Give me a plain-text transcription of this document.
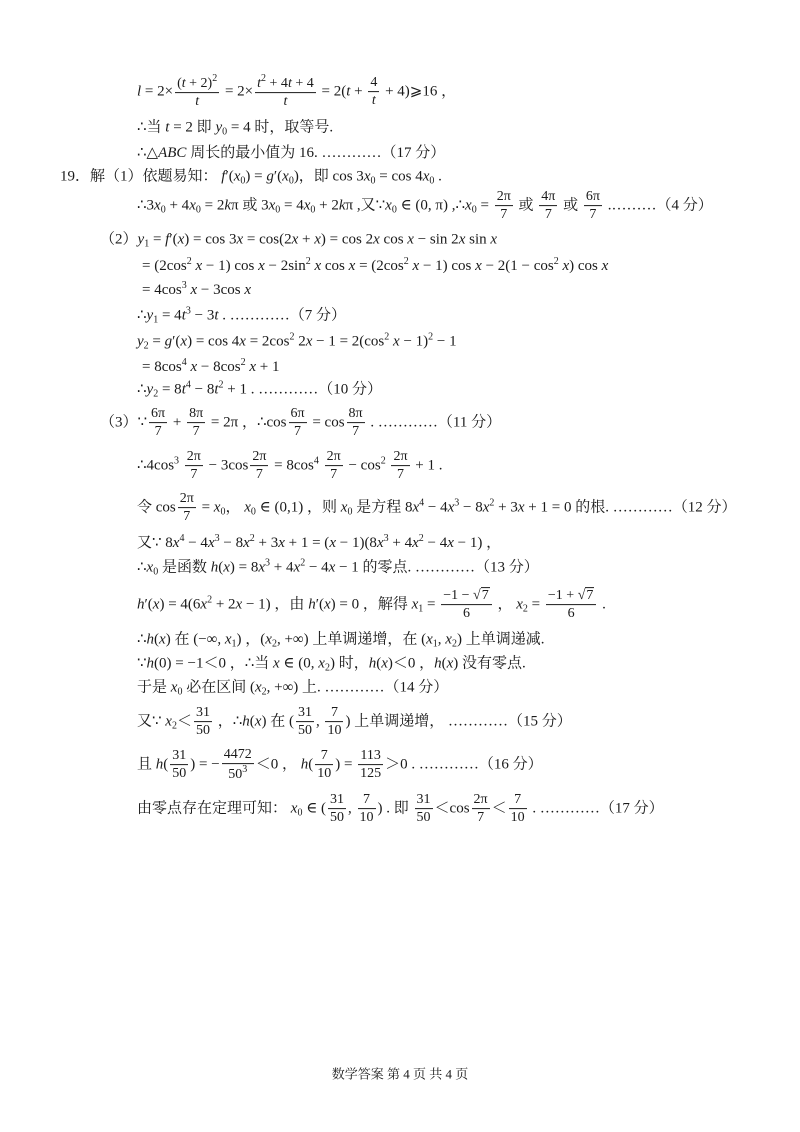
$l = 2\times \frac{(t + 2)^2}{t} = 2\times \frac{t^2 + 4t + 4}{t} = 2(t + \frac{4}{t}$ + 4)⩾16 ，
∴当 t = 2 即 $y_0 = 4$ 时，取等号.
∴△ABC 周长的最小值为 16. …………（17 分）
19．解（1）依题易知： $f'(x_0) = g'(x_0)$，即 $\cos 3x_0 = \cos 4x_0$ .
$\therefore 3x_0 + 4x_0 = 2k\pi$ 或 $3x_0 = 4x_0 + 2k\pi$ ,又$\because x_0$ ∈ (0, π) $,\therefore x_0 = \frac{2\pi}{7}$ 或 $\frac{4\pi}{7}$ 或 $\frac{6\pi}{7}$ .………（4 分）
$(2)y_1 = f'(x) = \cos 3x = \cos(2x + x) = \cos 2x$ cos x − sin 2x sin x
= ($2\cos^2$ x − 1) $\cos x - 2\sin^2$ x $\cos x = (2\cos^2$ x − 1) $\cos x - 2(1 - \cos^2 x)$ cos x
= $4\cos^3$ x − 3cos x
$\therefore y_1 = 4t^3 - 3t$ . …………（7 分）
$y_2 = g'(x) = \cos 4x = 2\cos^2$ $2x - 1 = 2(\cos^2$ x − 1)$^2$ − 1
= $8\cos^4$ $x - 8\cos^2$ x + 1
$\therefore y_2 = 8t^4 - 8t^2 + 1$ . …………（10 分）
（3）∵ $\frac{6\pi}{7} + \frac{8\pi}{7} = 2\pi$ ，∴cos $\frac{6\pi}{7} = \cos \frac{8\pi}{7}$ . …………（11 分）
$\therefore 4\cos^3 \frac{2\pi}{7} - 3\cos \frac{2\pi}{7} = 8\cos^4 \frac{2\pi}{7} - \cos^2 \frac{2\pi}{7} + 1$ .
令 $\cos \frac{2\pi}{7} = x_0$， $x_0$ ∈ (0,1) ，则 $x_0$ 是方程 $8x^4 - 4x^3 - 8x^2 + 3x + 1 = 0$ 的根. …………（12 分）
又∵ $8x^4 - 4x^3 - 8x^2 + 3x + 1 = (x - 1)(8x^3 + 4x^2 - 4x - 1)$ ，
$\therefore x_0$ 是函数 $h(x) = 8x^3 + 4x^2 - 4x - 1$ 的零点. …………（13 分）
$h'(x) = 4(6x^2 + 2x - 1)$ ，由 h′(x) = 0 ，解得 $x_1 = \frac{-1 - √7}{6}$ ， $x_2 = \frac{-1 + √7}{6}$ .
∴h(x) 在 (−∞, $x_1$) ，($x_2$, +∞) 上单调递增，在 ($x_1$, $x_2$) 上单调递减.
∵h(0) = −1＜0 ，∴当 x ∈ (0, $x_2$) 时，h(x)＜0 ，h(x) 没有零点.
于是 $x_0$ 必在区间 ($x_2$, +∞) 上. …………（14 分）
又∵ $x_2< \frac{31}{50}$ ，∴h(x) 在 ( $\frac{31}{50}$ , $\frac{7}{10}$ ) 上单调递增， …………（15 分）
且 $h( \frac{31}{50}$ ) = − $\frac{4472}{50^3} <0$ ， $h( \frac{7}{10}$ ) = $\frac{113}{125} >0$ . …………（16 分）
由零点存在定理可知： $x_0$ ∈ ( $\frac{31}{50}$ , $\frac{7}{10}$ ) . 即 $\frac{31}{50} <\cos \frac{2\pi}{7} < \frac{7}{10}$ . …………（17 分）
数学答案 第 4 页 共 4 页
